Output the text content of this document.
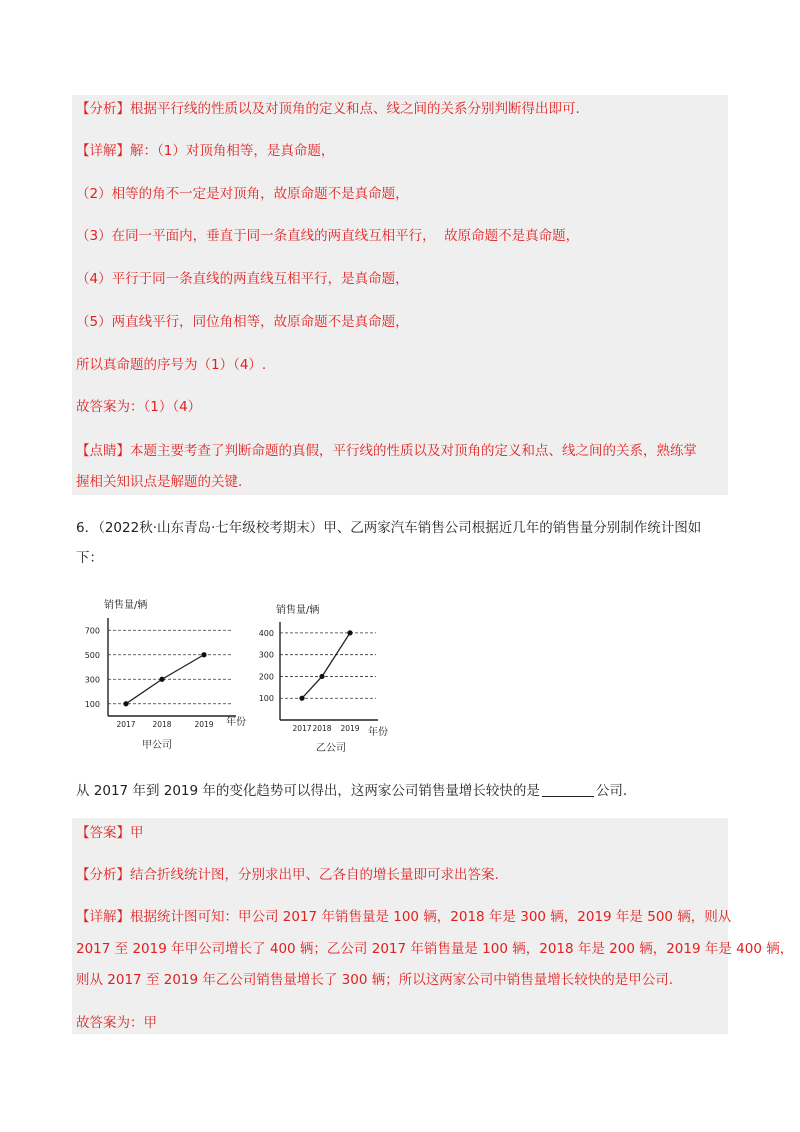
【分析】根据平行线的性质以及对顶角的定义和点、线之间的关系分别判断得出即可.
【详解】解：（1）对顶角相等，是真命题，
（2）相等的角不一定是对顶角，故原命题不是真命题，
（3）在同一平面内，垂直于同一条直线的两直线互相平行，  故原命题不是真命题，
（4）平行于同一条直线的两直线互相平行，是真命题，
（5）两直线平行，同位角相等，故原命题不是真命题，
所以真命题的序号为（1）（4）.
故答案为：（1）（4）
【点睛】本题主要考查了判断命题的真假，平行线的性质以及对顶角的定义和点、线之间的关系，熟练掌
握相关知识点是解题的关键.
6．（2022秋·山东青岛·七年级校考期末）甲、乙两家汽车销售公司根据近几年的销售量分别制作统计图如
下：
销售量/辆
100
300
500
700
2017 2018	2019 年份
甲公司
销售量/辆
100
200
300
400
2017 2018 2019 年份
乙公司
从 2017 年到 2019 年的变化趋势可以得出，这两家公司销售量增长较快的是	公司.
【答案】甲
【分析】结合折线统计图，分别求出甲、乙各自的增长量即可求出答案.
【详解】根据统计图可知：甲公司 2017 年销售量是 100 辆，2018 年是 300 辆，2019 年是 500 辆，则从
2017 至 2019 年甲公司增长了 400 辆；乙公司 2017 年销售量是 100 辆，2018 年是 200 辆，2019 年是 400 辆，
则从 2017 至 2019 年乙公司销售量增长了 300 辆；所以这两家公司中销售量增长较快的是甲公司.
故答案为：甲
